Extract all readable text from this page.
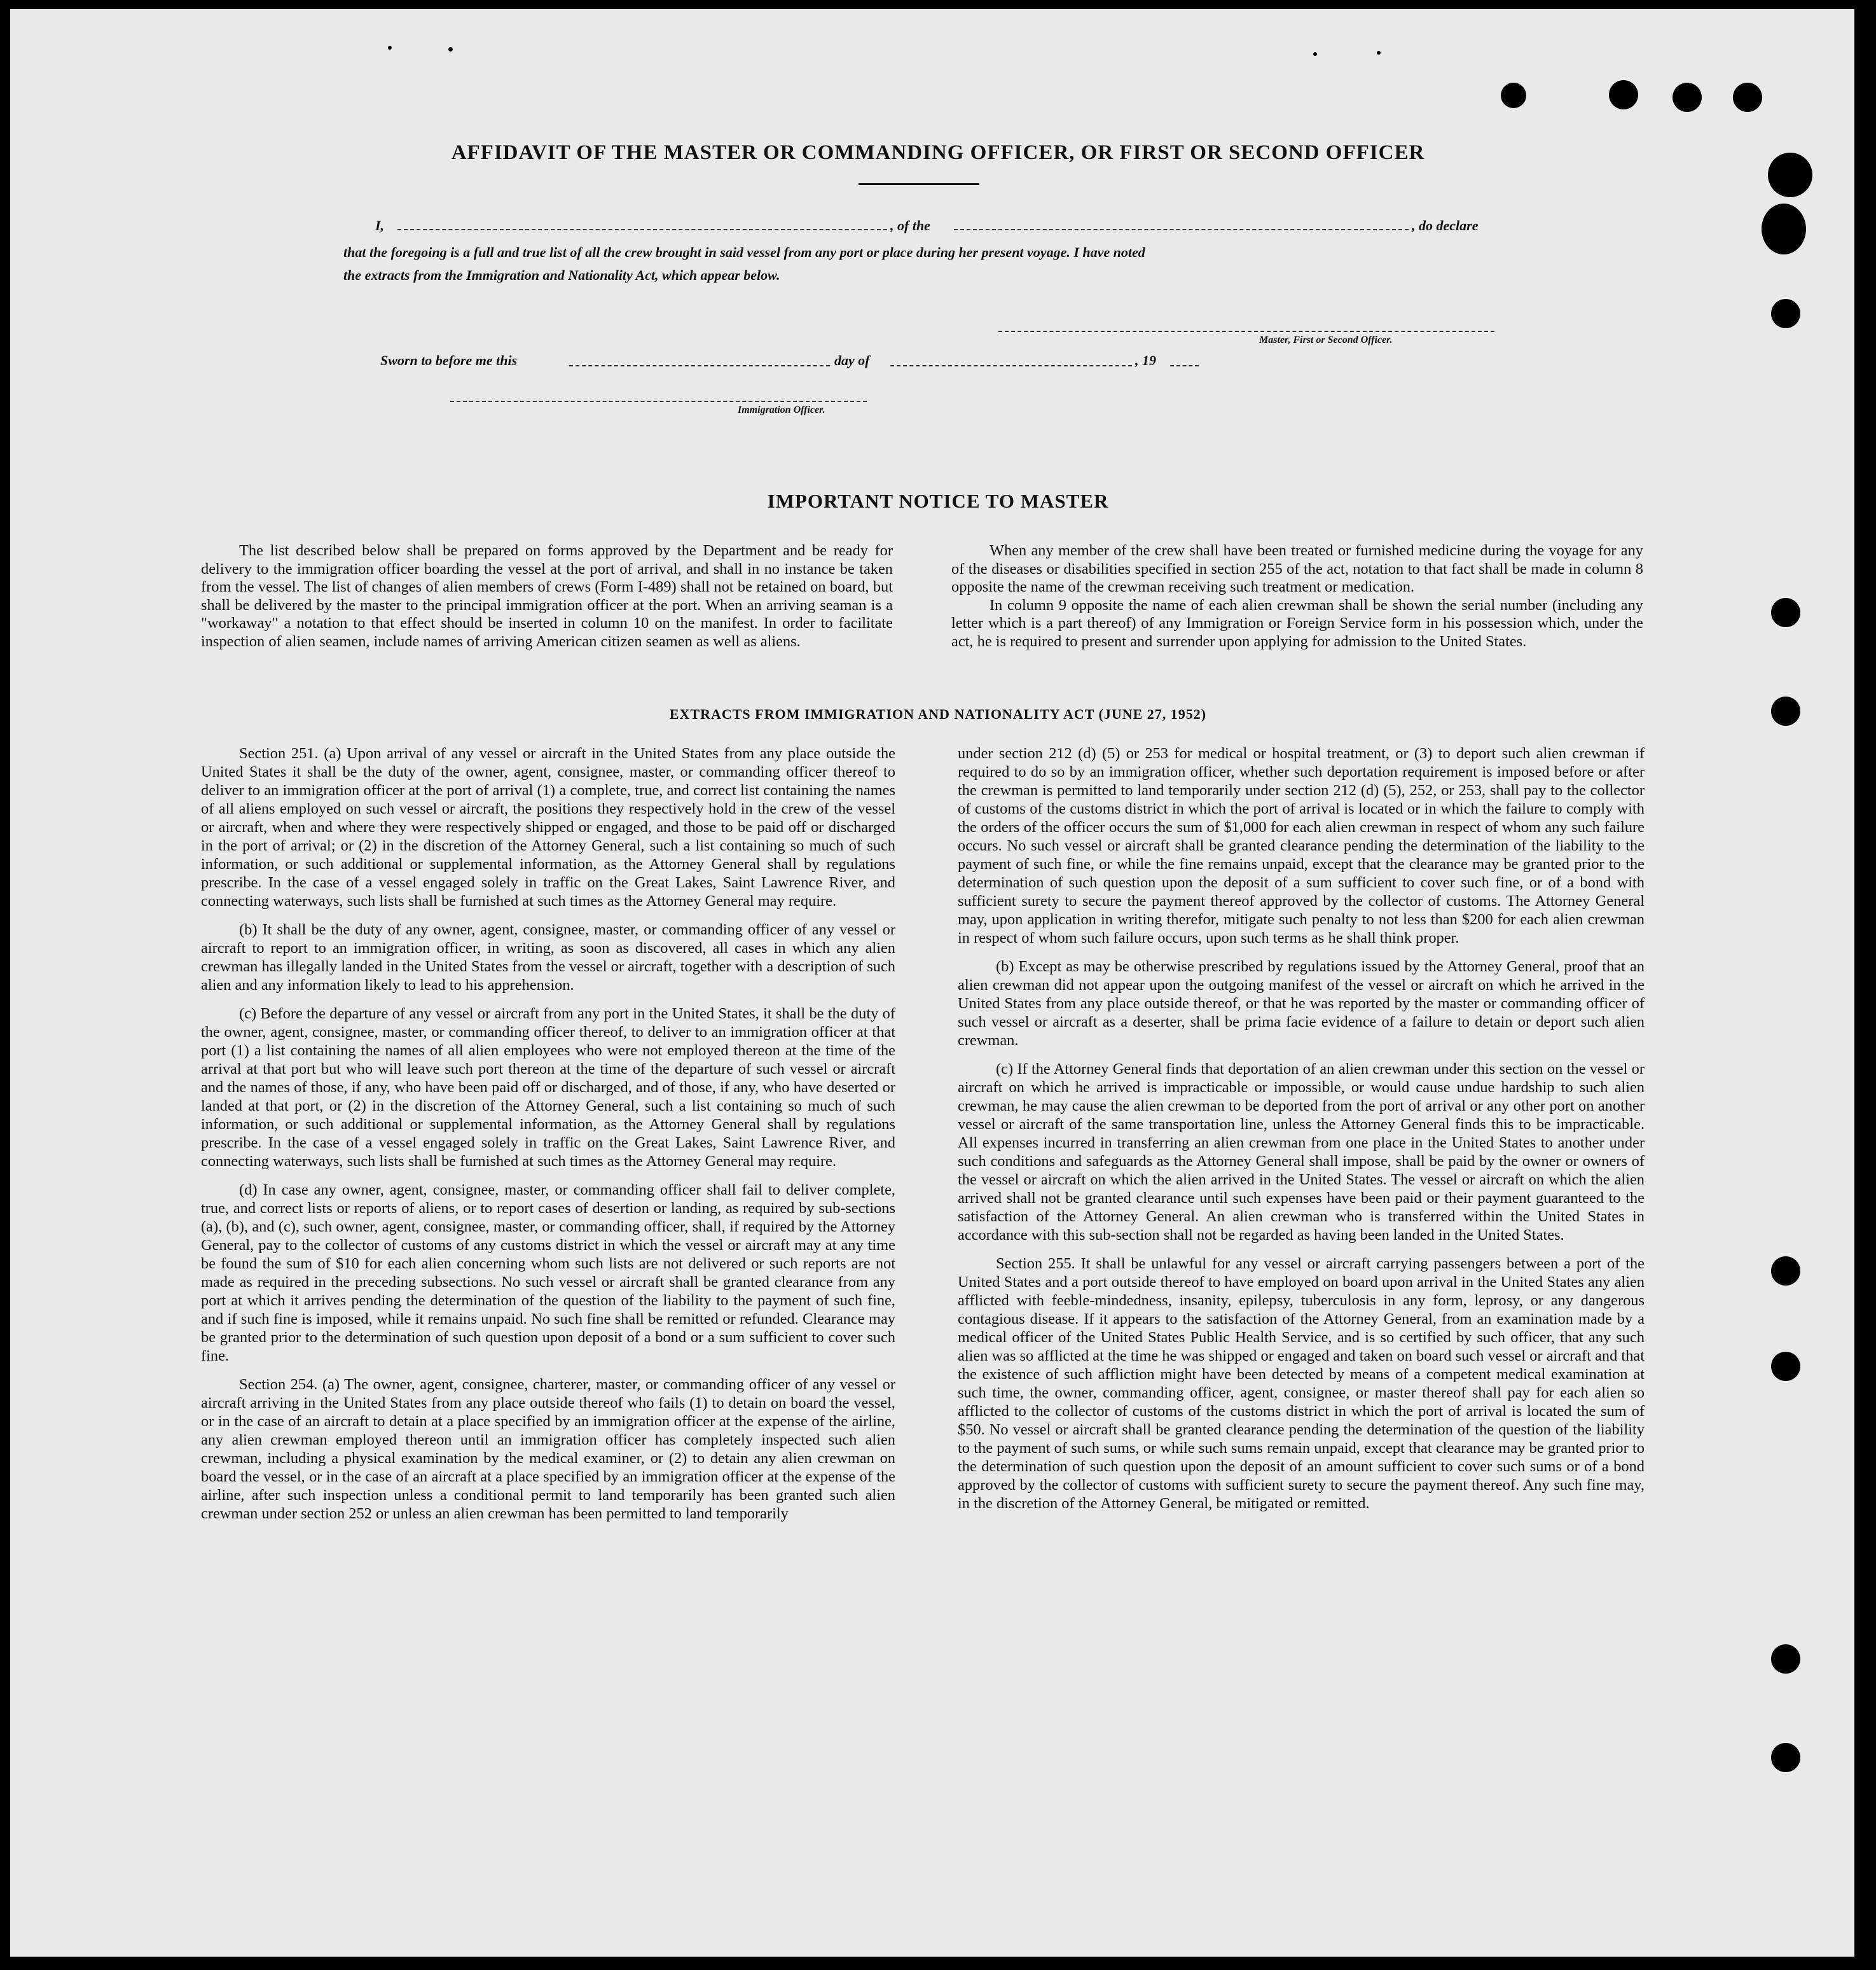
AFFIDAVIT OF THE MASTER OR COMMANDING OFFICER, OR FIRST OR SECOND OFFICER
I,	, of the	, do declare
that the foregoing is a full and true list of all the crew brought in said vessel from any port or place during her present voyage. I have noted
the extracts from the Immigration and Nationality Act, which appear below.
Master, First or Second Officer.
Sworn to before me this	day of	, 19
Immigration Officer.
IMPORTANT NOTICE TO MASTER

The list described below shall be prepared on forms approved by the Department and be ready for delivery to the immigration officer boarding the vessel at the port of arrival, and shall in no instance be taken from the vessel. The list of changes of alien members of crews (Form I-489) shall not be retained on board, but shall be delivered by the master to the principal immigration officer at the port. When an arriving seaman is a "workaway" a notation to that effect should be inserted in column 10 on the manifest. In order to facilitate inspection of alien seamen, include names of arriving American citizen seamen as well as aliens.

When any member of the crew shall have been treated or furnished medicine during the voyage for any of the diseases or disabilities specified in section 255 of the act, notation to that fact shall be made in column 8 opposite the name of the crewman receiving such treatment or medication.

In column 9 opposite the name of each alien crewman shall be shown the serial number (including any letter which is a part thereof) of any Immigration or Foreign Service form in his possession which, under the act, he is required to present and surrender upon applying for admission to the United States.

EXTRACTS FROM IMMIGRATION AND NATIONALITY ACT (JUNE 27, 1952)

Section 251. (a) Upon arrival of any vessel or aircraft in the United States from any place outside the United States it shall be the duty of the owner, agent, consignee, master, or commanding officer thereof to deliver to an immigration officer at the port of arrival (1) a complete, true, and correct list containing the names of all aliens employed on such vessel or aircraft, the positions they respectively hold in the crew of the vessel or aircraft, when and where they were respectively shipped or engaged, and those to be paid off or discharged in the port of arrival; or (2) in the discretion of the Attorney General, such a list containing so much of such information, or such additional or supplemental information, as the Attorney General shall by regulations prescribe. In the case of a vessel engaged solely in traffic on the Great Lakes, Saint Lawrence River, and connecting waterways, such lists shall be furnished at such times as the Attorney General may require.

(b) It shall be the duty of any owner, agent, consignee, master, or commanding officer of any vessel or aircraft to report to an immigration officer, in writing, as soon as discovered, all cases in which any alien crewman has illegally landed in the United States from the vessel or aircraft, together with a description of such alien and any information likely to lead to his apprehension.

(c) Before the departure of any vessel or aircraft from any port in the United States, it shall be the duty of the owner, agent, consignee, master, or commanding officer thereof, to deliver to an immigration officer at that port (1) a list containing the names of all alien employees who were not employed thereon at the time of the arrival at that port but who will leave such port thereon at the time of the departure of such vessel or aircraft and the names of those, if any, who have been paid off or discharged, and of those, if any, who have deserted or landed at that port, or (2) in the discretion of the Attorney General, such a list containing so much of such information, or such additional or supplemental information, as the Attorney General shall by regulations prescribe. In the case of a vessel engaged solely in traffic on the Great Lakes, Saint Lawrence River, and connecting waterways, such lists shall be furnished at such times as the Attorney General may require.

(d) In case any owner, agent, consignee, master, or commanding officer shall fail to deliver complete, true, and correct lists or reports of aliens, or to report cases of desertion or landing, as required by sub-sections (a), (b), and (c), such owner, agent, consignee, master, or commanding officer, shall, if required by the Attorney General, pay to the collector of customs of any customs district in which the vessel or aircraft may at any time be found the sum of $10 for each alien concerning whom such lists are not delivered or such reports are not made as required in the preceding subsections. No such vessel or aircraft shall be granted clearance from any port at which it arrives pending the determination of the question of the liability to the payment of such fine, and if such fine is imposed, while it remains unpaid. No such fine shall be remitted or refunded. Clearance may be granted prior to the determination of such question upon deposit of a bond or a sum sufficient to cover such fine.

Section 254. (a) The owner, agent, consignee, charterer, master, or commanding officer of any vessel or aircraft arriving in the United States from any place outside thereof who fails (1) to detain on board the vessel, or in the case of an aircraft to detain at a place specified by an immigration officer at the expense of the airline, any alien crewman employed thereon until an immigration officer has completely inspected such alien crewman, including a physical examination by the medical examiner, or (2) to detain any alien crewman on board the vessel, or in the case of an aircraft at a place specified by an immigration officer at the expense of the airline, after such inspection unless a conditional permit to land temporarily has been granted such alien crewman under section 252 or unless an alien crewman has been permitted to land temporarily

under section 212 (d) (5) or 253 for medical or hospital treatment, or (3) to deport such alien crewman if required to do so by an immigration officer, whether such deportation requirement is imposed before or after the crewman is permitted to land temporarily under section 212 (d) (5), 252, or 253, shall pay to the collector of customs of the customs district in which the port of arrival is located or in which the failure to comply with the orders of the officer occurs the sum of $1,000 for each alien crewman in respect of whom any such failure occurs. No such vessel or aircraft shall be granted clearance pending the determination of the liability to the payment of such fine, or while the fine remains unpaid, except that the clearance may be granted prior to the determination of such question upon the deposit of a sum sufficient to cover such fine, or of a bond with sufficient surety to secure the payment thereof approved by the collector of customs. The Attorney General may, upon application in writing therefor, mitigate such penalty to not less than $200 for each alien crewman in respect of whom such failure occurs, upon such terms as he shall think proper.

(b) Except as may be otherwise prescribed by regulations issued by the Attorney General, proof that an alien crewman did not appear upon the outgoing manifest of the vessel or aircraft on which he arrived in the United States from any place outside thereof, or that he was reported by the master or commanding officer of such vessel or aircraft as a deserter, shall be prima facie evidence of a failure to detain or deport such alien crewman.

(c) If the Attorney General finds that deportation of an alien crewman under this section on the vessel or aircraft on which he arrived is impracticable or impossible, or would cause undue hardship to such alien crewman, he may cause the alien crewman to be deported from the port of arrival or any other port on another vessel or aircraft of the same transportation line, unless the Attorney General finds this to be impracticable. All expenses incurred in transferring an alien crewman from one place in the United States to another under such conditions and safeguards as the Attorney General shall impose, shall be paid by the owner or owners of the vessel or aircraft on which the alien arrived in the United States. The vessel or aircraft on which the alien arrived shall not be granted clearance until such expenses have been paid or their payment guaranteed to the satisfaction of the Attorney General. An alien crewman who is transferred within the United States in accordance with this sub-section shall not be regarded as having been landed in the United States.

Section 255. It shall be unlawful for any vessel or aircraft carrying passengers between a port of the United States and a port outside thereof to have employed on board upon arrival in the United States any alien afflicted with feeble-mindedness, insanity, epilepsy, tuberculosis in any form, leprosy, or any dangerous contagious disease. If it appears to the satisfaction of the Attorney General, from an examination made by a medical officer of the United States Public Health Service, and is so certified by such officer, that any such alien was so afflicted at the time he was shipped or engaged and taken on board such vessel or aircraft and that the existence of such affliction might have been detected by means of a competent medical examination at such time, the owner, commanding officer, agent, consignee, or master thereof shall pay for each alien so afflicted to the collector of customs of the customs district in which the port of arrival is located the sum of $50. No vessel or aircraft shall be granted clearance pending the determination of the question of the liability to the payment of such sums, or while such sums remain unpaid, except that clearance may be granted prior to the determination of such question upon the deposit of an amount sufficient to cover such sums or of a bond approved by the collector of customs with sufficient surety to secure the payment thereof. Any such fine may, in the discretion of the Attorney General, be mitigated or remitted.
